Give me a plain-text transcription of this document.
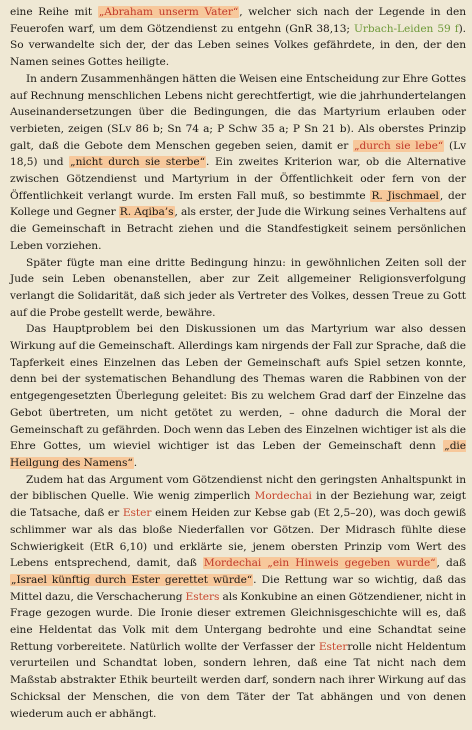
eine Reihe mit „Abraham unserm Vater“, welcher sich nach der Legende in den Feuerofen warf, um dem Götzendienst zu entgehn (GnR 38,13; Urbach-Leiden 59 f). So verwandelte sich der, der das Leben seines Volkes gefährdete, in den, der den Namen seines Gottes heiligte.

In andern Zusammenhängen hätten die Weisen eine Entscheidung zur Ehre Gottes auf Rechnung menschlichen Lebens nicht gerechtfertigt, wie die jahrhundertelangen Auseinandersetzungen über die Bedingungen, die das Martyrium erlauben oder verbieten, zeigen (SLv 86 b; Sn 74 a; P Schw 35 a; P Sn 21 b). Als oberstes Prinzip galt, daß die Gebote dem Menschen gegeben seien, damit er „durch sie lebe“ (Lv 18,5) und „nicht durch sie sterbe“. Ein zweites Kriterion war, ob die Alternative zwischen Götzendienst und Martyrium in der Öffentlichkeit oder fern von der Öffentlichkeit verlangt wurde. Im ersten Fall muß, so bestimmte R. Jischmael, der Kollege und Gegner R. Aqiba’s, als erster, der Jude die Wirkung seines Verhaltens auf die Gemeinschaft in Betracht ziehen und die Standfestigkeit seinem persönlichen Leben vorziehen.

Später fügte man eine dritte Bedingung hinzu: in gewöhnlichen Zeiten soll der Jude sein Leben obenanstellen, aber zur Zeit allgemeiner Religionsverfolgung verlangt die Solidarität, daß sich jeder als Vertreter des Volkes, dessen Treue zu Gott auf die Probe gestellt werde, bewähre.

Das Hauptproblem bei den Diskussionen um das Martyrium war also dessen Wirkung auf die Gemeinschaft. Allerdings kam nirgends der Fall zur Sprache, daß die Tapferkeit eines Einzelnen das Leben der Gemeinschaft aufs Spiel setzen konnte, denn bei der systematischen Behandlung des Themas waren die Rabbinen von der entgegengesetzten Überlegung geleitet: Bis zu welchem Grad darf der Einzelne das Gebot übertreten, um nicht getötet zu werden, – ohne dadurch die Moral der Gemeinschaft zu gefährden. Doch wenn das Leben des Einzelnen wichtiger ist als die Ehre Gottes, um wieviel wichtiger ist das Leben der Gemeinschaft denn „die Heilgung des Namens“.

Zudem hat das Argument vom Götzendienst nicht den geringsten Anhaltspunkt in der biblischen Quelle. Wie wenig zimperlich Mordechai in der Beziehung war, zeigt die Tatsache, daß er Ester einem Heiden zur Kebse gab (Et 2,5–20), was doch gewiß schlimmer war als das bloße Niederfallen vor Götzen. Der Midrasch fühlte diese Schwierigkeit (EtR 6,10) und erklärte sie, jenem obersten Prinzip vom Wert des Lebens entsprechend, damit, daß Mordechai „ein Hinweis gegeben wurde“, daß „Israel künftig durch Ester gerettet würde“. Die Rettung war so wichtig, daß das Mittel dazu, die Verschacherung Esters als Konkubine an einen Götzendiener, nicht in Frage gezogen wurde. Die Ironie dieser extremen Gleichnisgeschichte will es, daß eine Heldentat das Volk mit dem Untergang bedrohte und eine Schandtat seine Rettung vorbereitete. Natürlich wollte der Verfasser der Esterrolle nicht Heldentum verurteilen und Schandtat loben, sondern lehren, daß eine Tat nicht nach dem Maßstab abstrakter Ethik beurteilt werden darf, sondern nach ihrer Wirkung auf das Schicksal der Menschen, die von dem Täter der Tat abhängen und von denen wiederum auch er abhängt.
